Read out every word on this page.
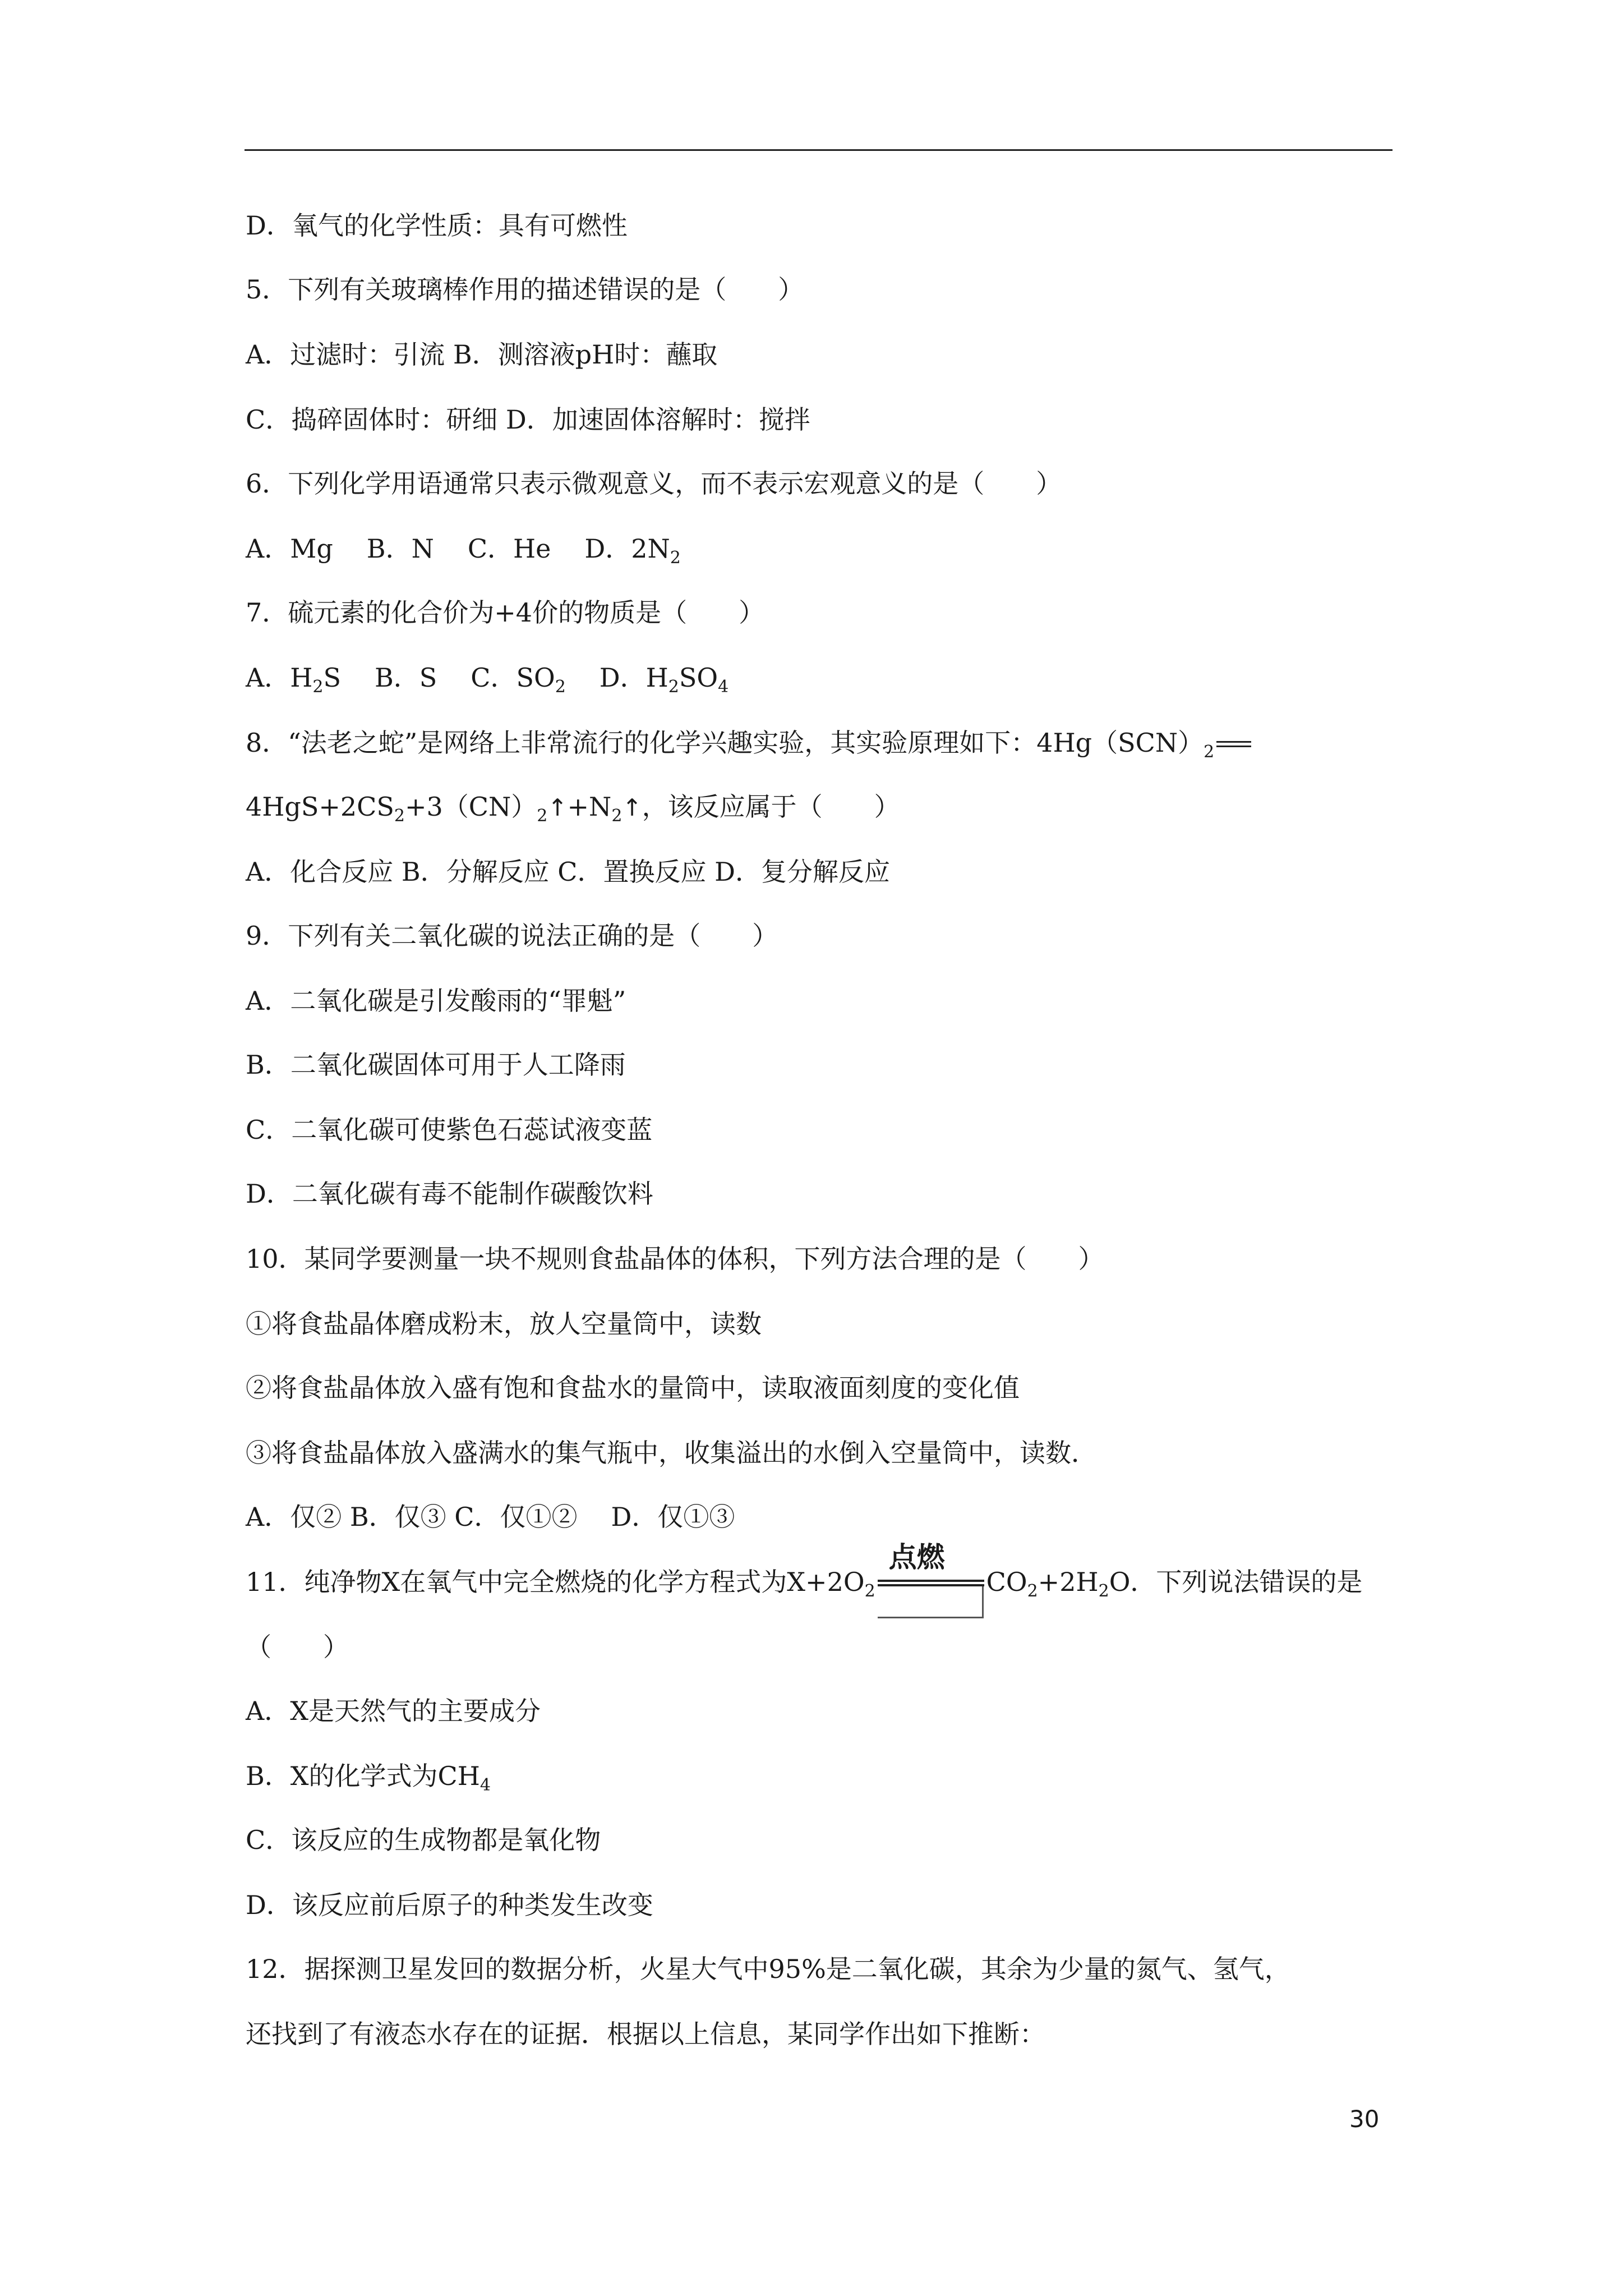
D．氧气的化学性质：具有可燃性
5．下列有关玻璃棒作用的描述错误的是（　　）
A．过滤时：引流 B．测溶液pH时：蘸取
C．捣碎固体时：研细 D．加速固体溶解时：搅拌
6．下列化学用语通常只表示微观意义，而不表示宏观意义的是（　　）
A．Mg B．N C．He D．$2N_2$
7．硫元素的化合价为+4价的物质是（　　）
A．$H_2S$ B．S C．$SO_2$ D．$H_2SO_4$
8．“法老之蛇”是网络上非常流行的化学兴趣实验，其实验原理如下：$4Hg(SCN)_2$
$4HgS+2CS_2+3(CN)_2↑+N_2↑$，该反应属于（　　）
A．化合反应 B．分解反应 C．置换反应 D．复分解反应
9．下列有关二氧化碳的说法正确的是（　　）
A．二氧化碳是引发酸雨的“罪魁”
B．二氧化碳固体可用于人工降雨
C．二氧化碳可使紫色石蕊试液变蓝
D．二氧化碳有毒不能制作碳酸饮料
10．某同学要测量一块不规则食盐晶体的体积，下列方法合理的是（　　）
①将食盐晶体磨成粉末，放人空量筒中，读数
②将食盐晶体放入盛有饱和食盐水的量筒中，读取液面刻度的变化值
③将食盐晶体放入盛满水的集气瓶中，收集溢出的水倒入空量筒中，读数．
A．仅② B．仅③ C．仅①② D．仅①③
11．纯净物X在氧气中完全燃烧的化学方程式为$X+2O_2$
点燃
$CO_2+2H_2O$．下列说法错误的是
（　　）
A．X是天然气的主要成分
B．X的化学式为$CH_4$
C．该反应的生成物都是氧化物
D．该反应前后原子的种类发生改变
12．据探测卫星发回的数据分析，火星大气中95%是二氧化碳，其余为少量的氮气、氢气，
还找到了有液态水存在的证据．根据以上信息，某同学作出如下推断：
30
